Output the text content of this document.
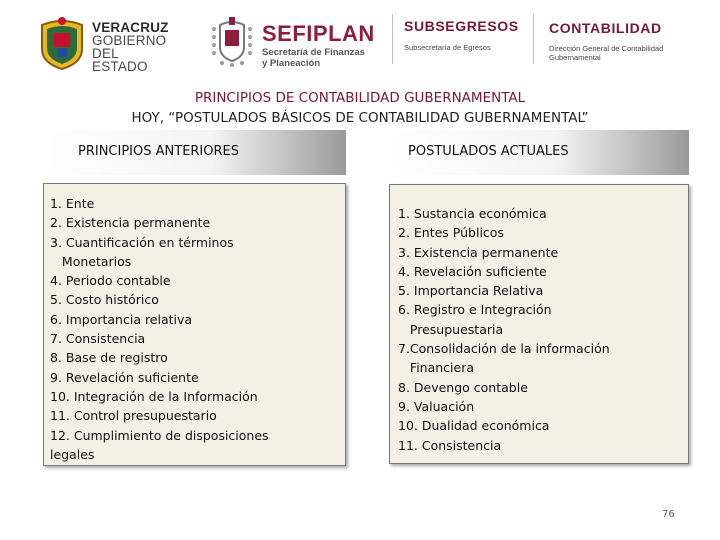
VERACRUZ
GOBIERNO
DEL ESTADO
SEFIPLAN
Secretaría de Finanzas
y Planeación
SUBSEGRESOS
Subsecretaría de Egresos
CONTABILIDAD
Dirección General de Contabilidad Gubernamental
PRINCIPIOS DE CONTABILIDAD GUBERNAMENTAL
HOY, “POSTULADOS BÁSICOS DE CONTABILIDAD GUBERNAMENTAL”
PRINCIPIOS ANTERIORES	POSTULADOS ACTUALES
1. Ente
2. Existencia permanente
3. Cuantificación en términos
Monetarios
4. Periodo contable
5. Costo histórico
6. Importancia relativa
7. Consistencia
8. Base de registro
9. Revelación suficiente
10. Integración de la Información
11. Control presupuestario
12. Cumplimiento de disposiciones
legales
1. Sustancia económica
2. Entes Públicos
3. Existencia permanente
4. Revelación suficiente
5. Importancia Relativa
6. Registro e Integración
Presupuestaria
7.Consolidación de la información
Financiera
8. Devengo contable
9. Valuación
10. Dualidad económica
11. Consistencia
76
